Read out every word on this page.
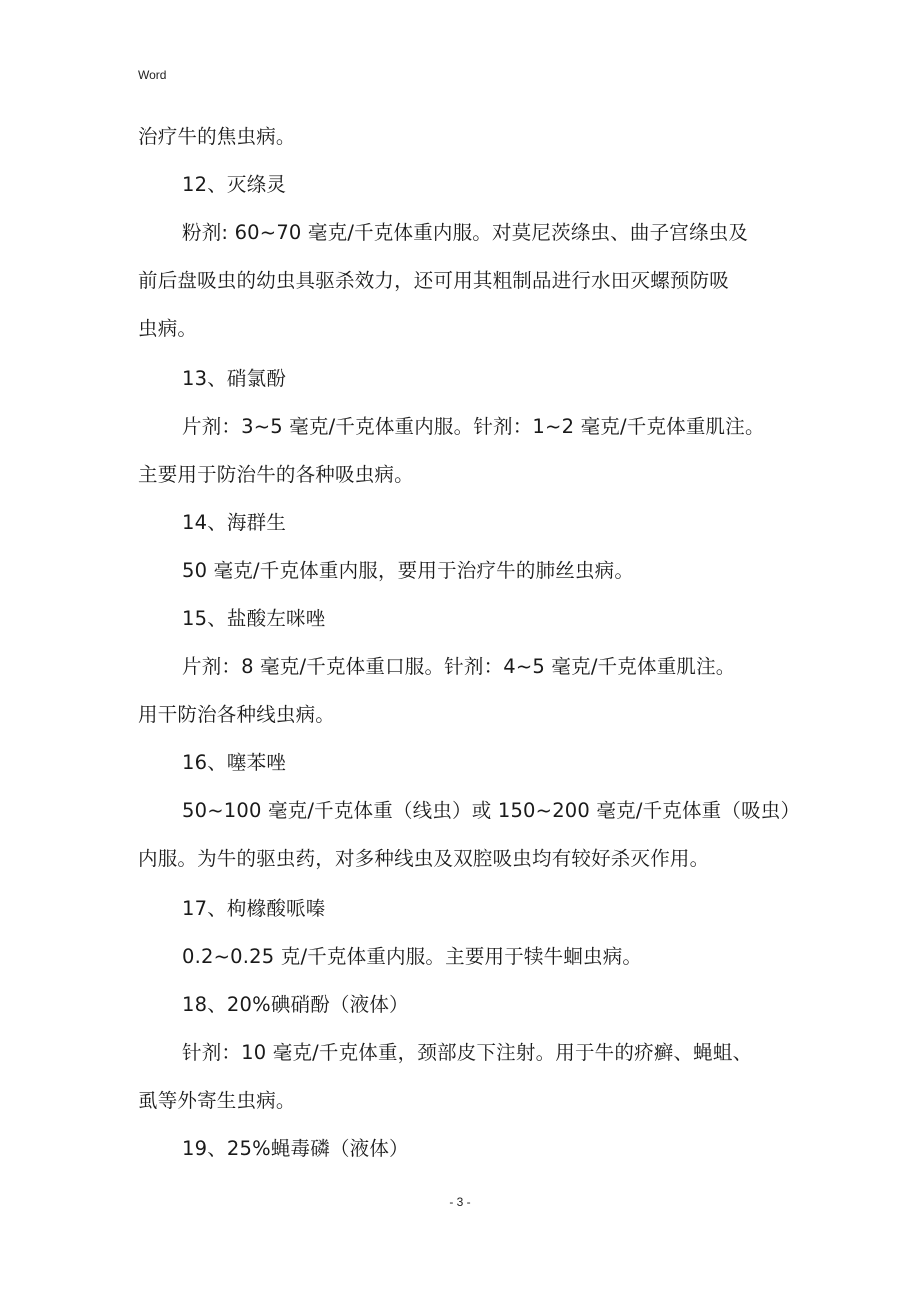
Word
治疗牛的焦虫病。
12、灭绦灵
粉剂: 60~70 毫克/千克体重内服。对莫尼茨绦虫、曲子宫绦虫及
前后盘吸虫的幼虫具驱杀效力，还可用其粗制品进行水田灭螺预防吸
虫病。
13、硝氯酚
片剂：3~5 毫克/千克体重内服。针剂：1~2 毫克/千克体重肌注。
主要用于防治牛的各种吸虫病。
14、海群生
50 毫克/千克体重内服，要用于治疗牛的肺丝虫病。
15、盐酸左咪唑
片剂：8 毫克/千克体重口服。针剂：4~5 毫克/千克体重肌注。
用干防治各种线虫病。
16、噻苯唑
50~100 毫克/千克体重（线虫）或 150~200 毫克/千克体重（吸虫）
内服。为牛的驱虫药，对多种线虫及双腔吸虫均有较好杀灭作用。
17、枸橼酸哌嗪
0.2~0.25 克/千克体重内服。主要用于犊牛蛔虫病。
18、20%碘硝酚（液体）
针剂：10 毫克/千克体重，颈部皮下注射。用于牛的疥癣、蝇蛆、
虱等外寄生虫病。
19、25%蝇毒磷（液体）
- 3 -
